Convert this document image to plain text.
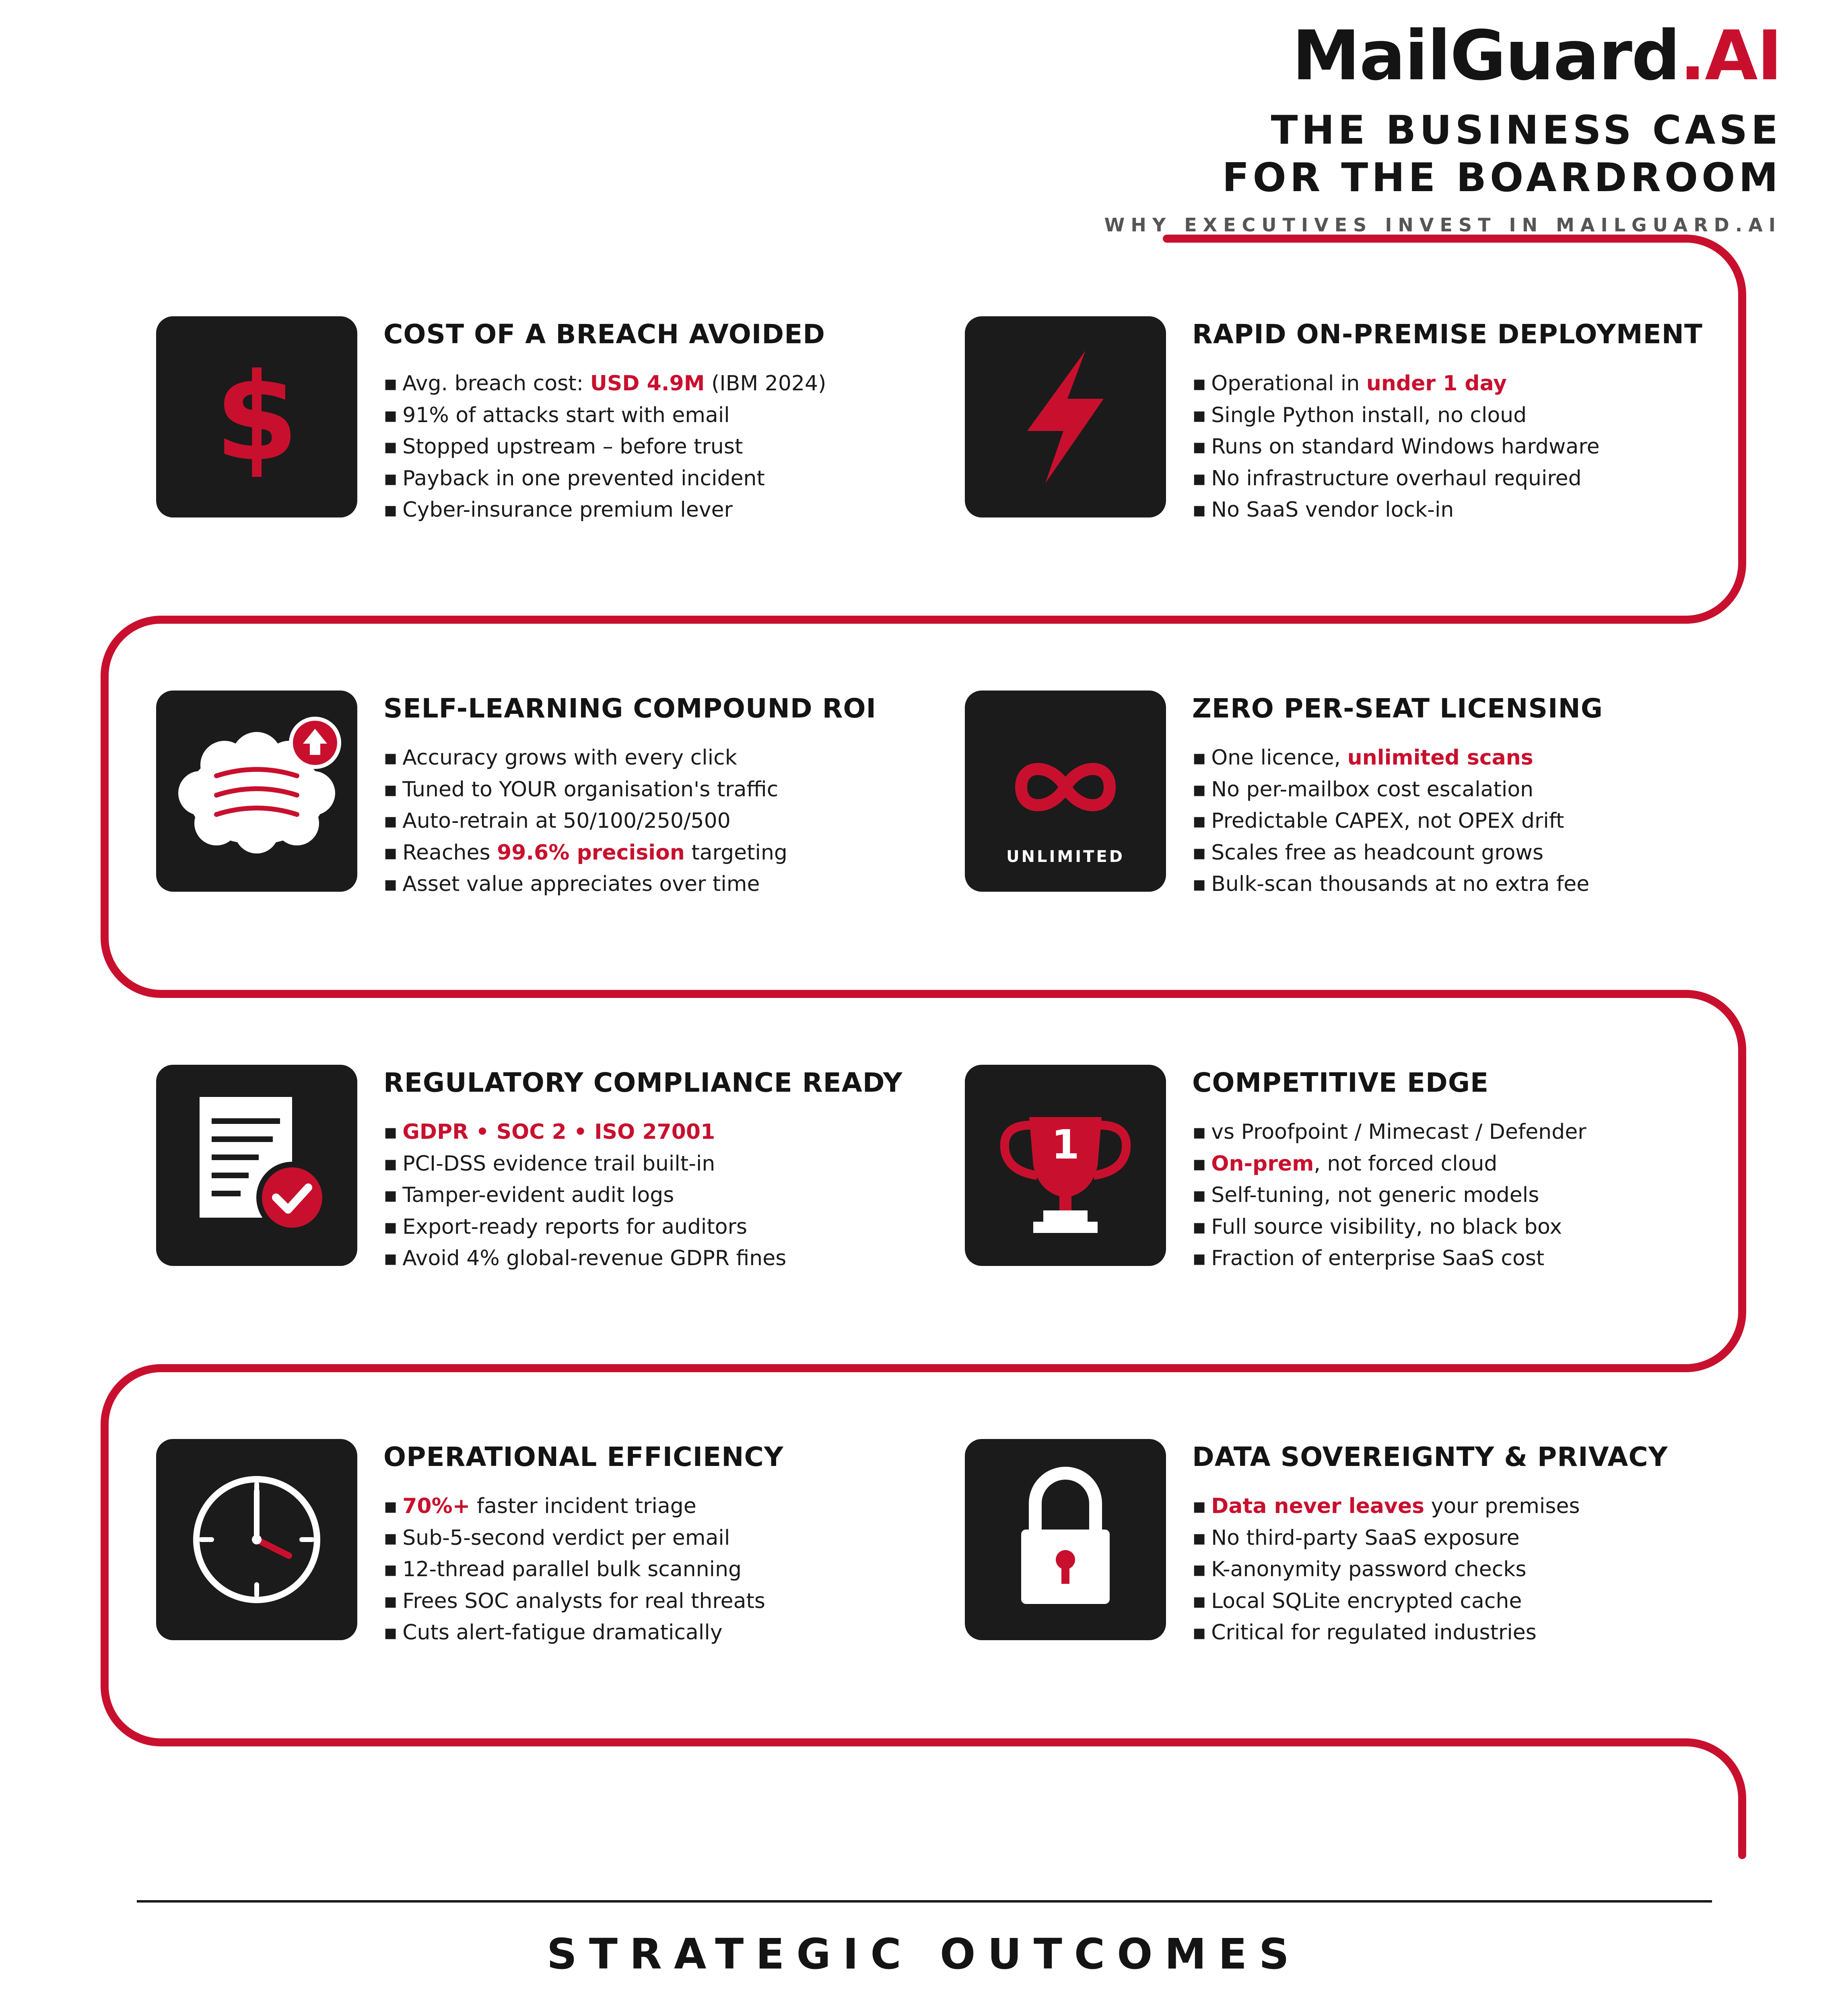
MailGuard.AI
THE BUSINESS CASE
FOR THE BOARDROOM
WHY EXECUTIVES INVEST IN MAILGUARD.AI
$
COST OF A BREACH AVOIDED
▪ Avg. breach cost: USD 4.9M (IBM 2024)
▪ 91% of attacks start with email
▪ Stopped upstream – before trust
▪ Payback in one prevented incident
▪ Cyber-insurance premium lever
RAPID ON-PREMISE DEPLOYMENT
▪ Operational in under 1 day
▪ Single Python install, no cloud
▪ Runs on standard Windows hardware
▪ No infrastructure overhaul required
▪ No SaaS vendor lock-in
SELF-LEARNING COMPOUND ROI
▪ Accuracy grows with every click
▪ Tuned to YOUR organisation's traffic
▪ Auto-retrain at 50/100/250/500
▪ Reaches 99.6% precision targeting
▪ Asset value appreciates over time
UNLIMITED
ZERO PER-SEAT LICENSING
▪ One licence, unlimited scans
▪ No per-mailbox cost escalation
▪ Predictable CAPEX, not OPEX drift
▪ Scales free as headcount grows
▪ Bulk-scan thousands at no extra fee
REGULATORY COMPLIANCE READY
▪ GDPR • SOC 2 • ISO 27001
▪ PCI-DSS evidence trail built-in
▪ Tamper-evident audit logs
▪ Export-ready reports for auditors
▪ Avoid 4% global-revenue GDPR fines
1
COMPETITIVE EDGE
▪ vs Proofpoint / Mimecast / Defender
▪ On-prem, not forced cloud
▪ Self-tuning, not generic models
▪ Full source visibility, no black box
▪ Fraction of enterprise SaaS cost
OPERATIONAL EFFICIENCY
▪ 70%+ faster incident triage
▪ Sub-5-second verdict per email
▪ 12-thread parallel bulk scanning
▪ Frees SOC analysts for real threats
▪ Cuts alert-fatigue dramatically
DATA SOVEREIGNTY & PRIVACY
▪ Data never leaves your premises
▪ No third-party SaaS exposure
▪ K-anonymity password checks
▪ Local SQLite encrypted cache
▪ Critical for regulated industries
STRATEGIC OUTCOMES
